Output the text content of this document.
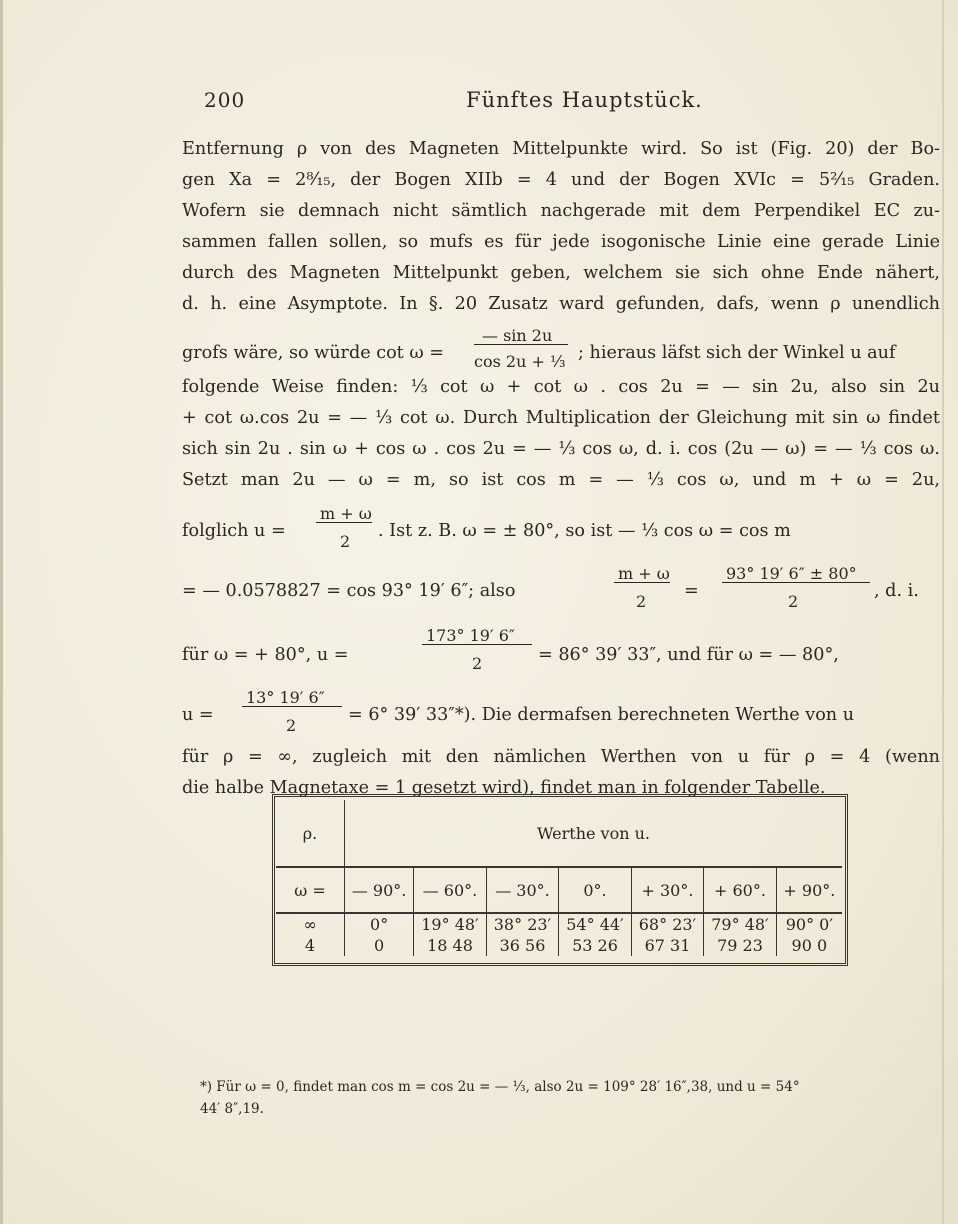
200	Fünftes Hauptstück.
Entfernung ρ von des Magneten Mittelpunkte wird. So ist (Fig. 20) der Bo-
gen Xa = 2⁸⁄₁₅, der Bogen XIIb = 4 und der Bogen XVIc = 5²⁄₁₅ Graden.
Wofern sie demnach nicht sämtlich nachgerade mit dem Perpendikel EC zu-
sammen fallen sollen, so mufs es für jede isogonische Linie eine gerade Linie
durch des Magneten Mittelpunkt geben, welchem sie sich ohne Ende nähert,
d. h. eine Asymptote. In §. 20 Zusatz ward gefunden, dafs, wenn ρ unendlich
grofs wäre, so würde cot ω =
— sin 2u
cos 2u + ⅓ ; hieraus läfst sich der Winkel u auf
folgende Weise finden: ⅓ cot ω + cot ω . cos 2u = — sin 2u, also sin 2u
+ cot ω.cos 2u = — ⅓ cot ω. Durch Multiplication der Gleichung mit sin ω findet
sich sin 2u . sin ω + cos ω . cos 2u = — ⅓ cos ω, d. i. cos (2u — ω) = — ⅓ cos ω.
Setzt man 2u — ω = m, so ist cos m = — ⅓ cos ω, und m + ω = 2u,
folglich u =
m + ω
2
. Ist z. B. ω = ± 80°, so ist — ⅓ cos ω = cos m
= — 0.0578827 = cos 93° 19′ 6″; also
m + ω
2
=
93° 19′ 6″ ± 80°
2
, d. i.
für ω = + 80°, u =
173° 19′ 6″
2	= 86° 39′ 33″, und für ω = — 80°,
u =
13° 19′ 6″
2
= 6° 39′ 33″*). Die dermafsen berechneten Werthe von u
für ρ = ∞, zugleich mit den nämlichen Werthen von u für ρ = 4 (wenn
die halbe Magnetaxe = 1 gesetzt wird), findet man in folgender Tabelle.
ρ.	Werthe von u.						
ω =	— 90°.	— 60°.	— 30°.	0°.	+ 30°.	+ 60°.	+ 90°.
∞	0°	19° 48′	38° 23′	54° 44′	68° 23′	79° 48′	90° 0′
4	0	18 48	36 56	53 26	67 31	79 23	90 0
*) Für ω = 0, findet man cos m = cos 2u = — ⅓, also 2u = 109° 28′ 16″,38, und u = 54°
44′ 8″,19.
